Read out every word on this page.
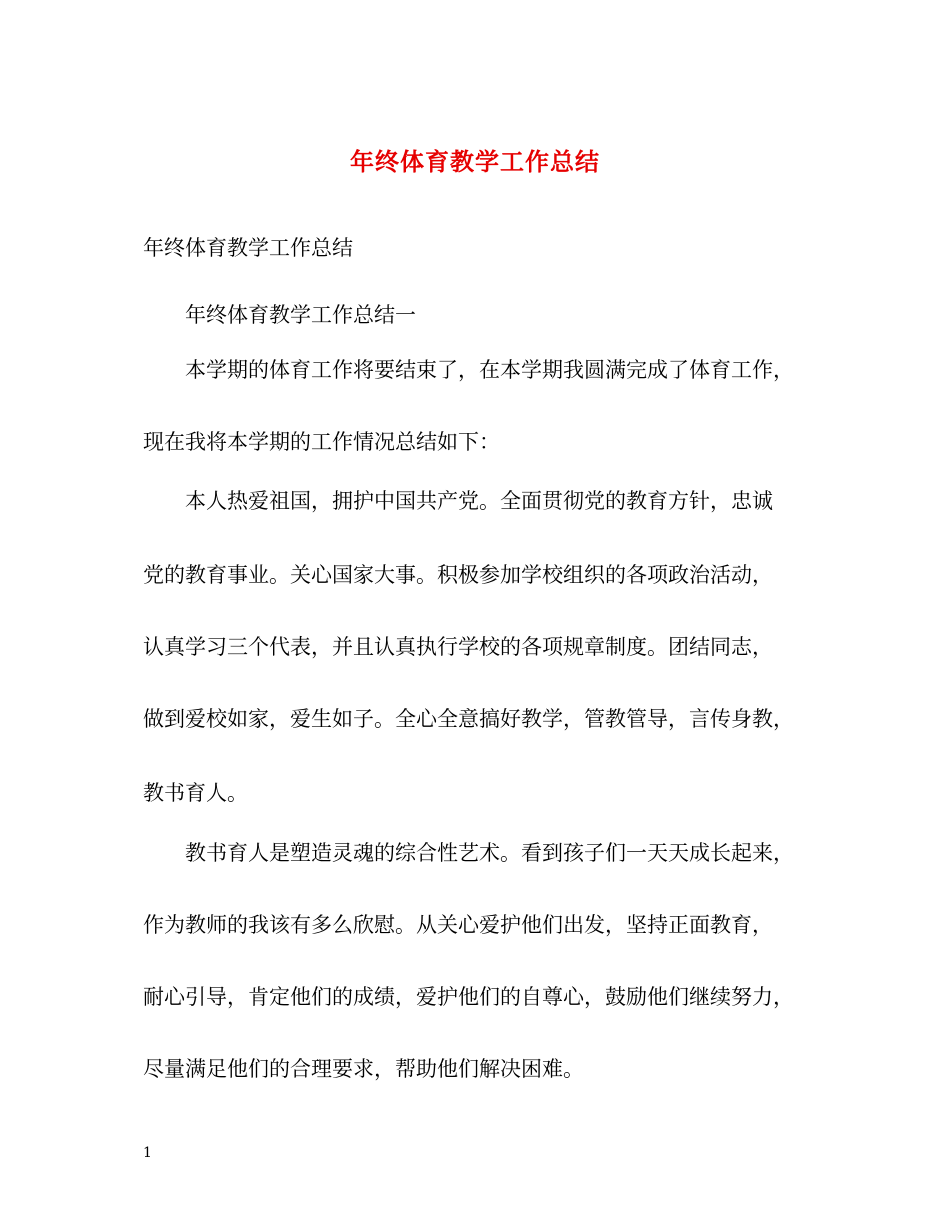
年终体育教学工作总结
年终体育教学工作总结
年终体育教学工作总结一
本学期的体育工作将要结束了，在本学期我圆满完成了体育工作，
现在我将本学期的工作情况总结如下：
本人热爱祖国，拥护中国共产党。全面贯彻党的教育方针，忠诚
党的教育事业。关心国家大事。积极参加学校组织的各项政治活动，
认真学习三个代表，并且认真执行学校的各项规章制度。团结同志，
做到爱校如家，爱生如子。全心全意搞好教学，管教管导，言传身教，
教书育人。
教书育人是塑造灵魂的综合性艺术。看到孩子们一天天成长起来，
作为教师的我该有多么欣慰。从关心爱护他们出发，坚持正面教育，
耐心引导，肯定他们的成绩，爱护他们的自尊心，鼓励他们继续努力，
尽量满足他们的合理要求，帮助他们解决困难。
1
